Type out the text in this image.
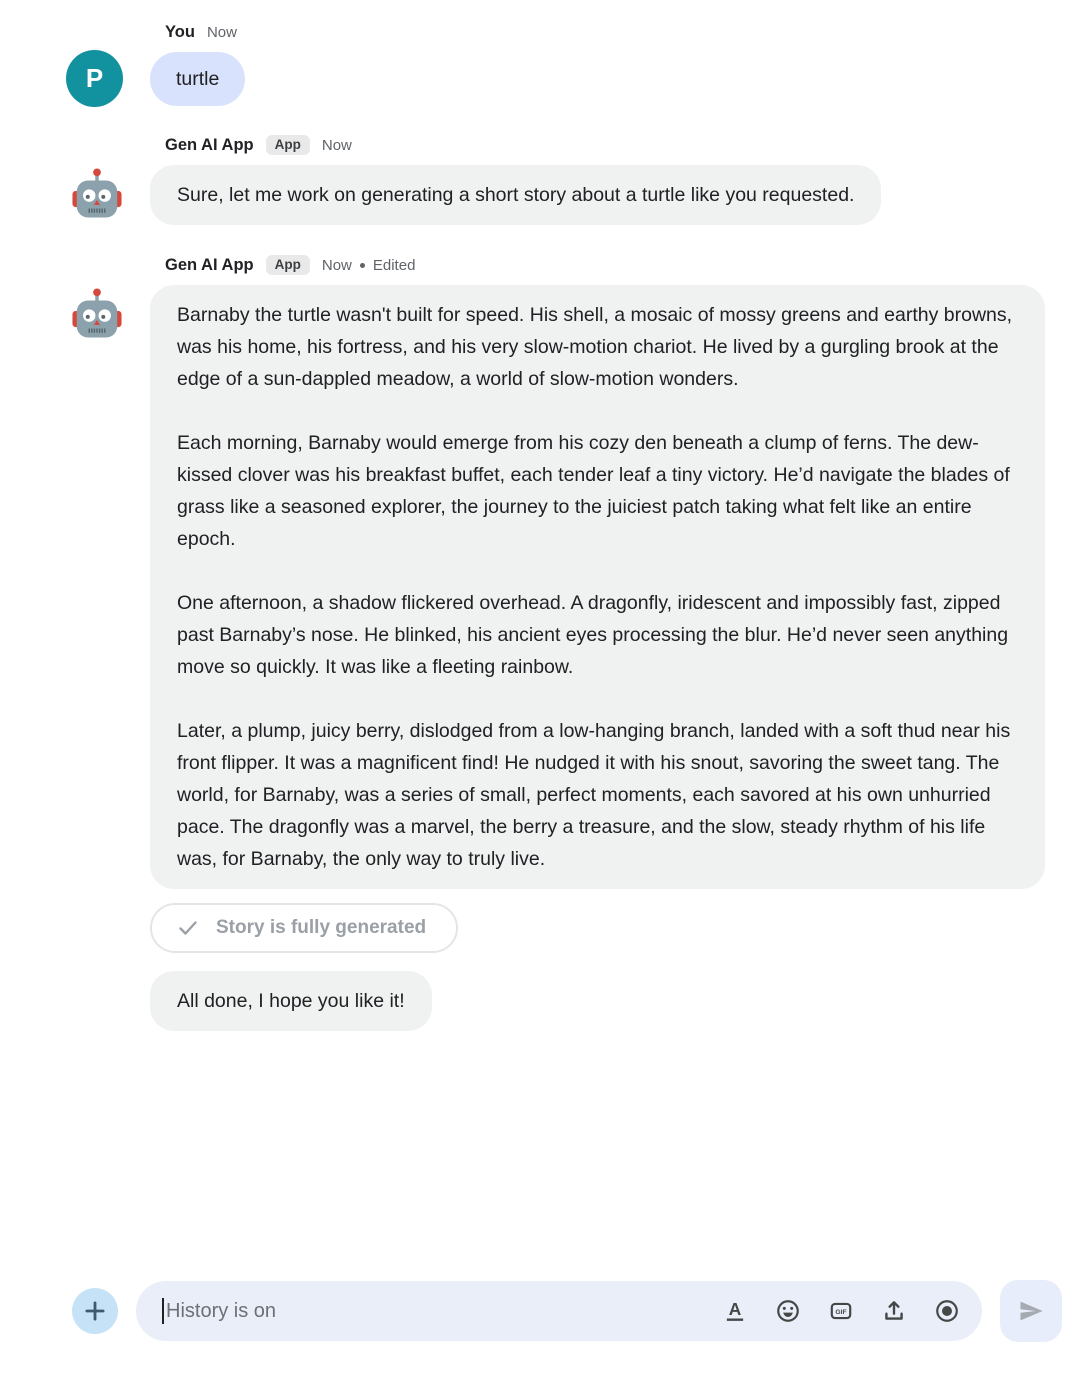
P
You Now
turtle
Gen AI App	App	Now
Sure, let me work on generating a short story about a turtle like you requested.
Gen AI App	App	Now Edited

Barnaby the turtle wasn't built for speed. His shell, a mosaic of mossy greens and earthy browns, was his home, his fortress, and his very slow-motion chariot. He lived by a gurgling brook at the edge of a sun-dappled meadow, a world of slow-motion wonders.

Each morning, Barnaby would emerge from his cozy den beneath a clump of ferns. The dew-kissed clover was his breakfast buffet, each tender leaf a tiny victory. He’d navigate the blades of grass like a seasoned explorer, the journey to the juiciest patch taking what felt like an entire epoch.

One afternoon, a shadow flickered overhead. A dragonfly, iridescent and impossibly fast, zipped past Barnaby’s nose. He blinked, his ancient eyes processing the blur. He’d never seen anything move so quickly. It was like a fleeting rainbow.

Later, a plump, juicy berry, dislodged from a low-hanging branch, landed with a soft thud near his front flipper. It was a magnificent find! He nudged it with his snout, savoring the sweet tang. The world, for Barnaby, was a series of small, perfect moments, each savored at his own unhurried pace. The dragonfly was a marvel, the berry a treasure, and the slow, steady rhythm of his life was, for Barnaby, the only way to truly live.

Story is fully generated
All done, I hope you like it!
History is on	A	GIF
